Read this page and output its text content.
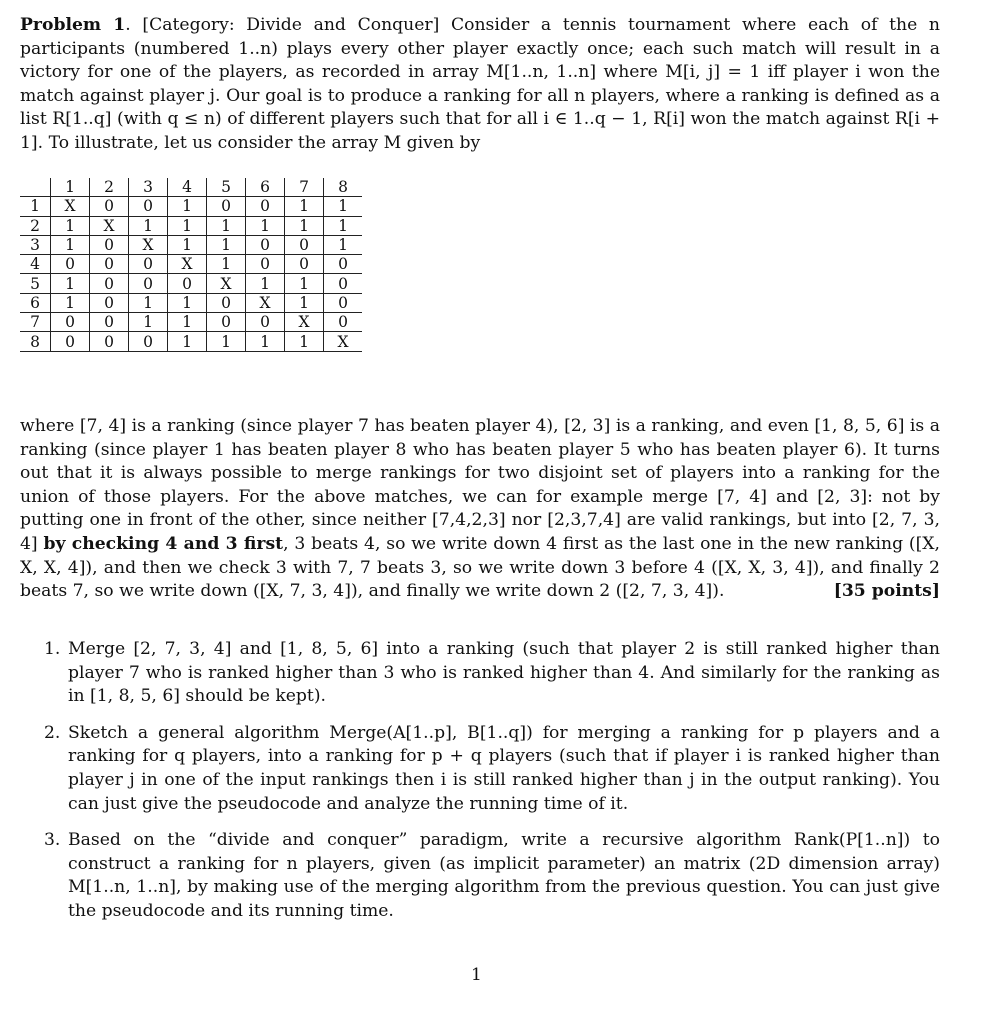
Problem 1. [Category: Divide and Conquer] Consider a tennis tournament where each of the n participants (numbered 1..n) plays every other player exactly once; each such match will result in a victory for one of the players, as recorded in array M[1..n, 1..n] where M[i, j] = 1 iff player i won the match against player j. Our goal is to produce a ranking for all n players, where a ranking is defined as a list R[1..q] (with q ≤ n) of different players such that for all i ∈ 1..q − 1, R[i] won the match against R[i + 1]. To illustrate, let us consider the array M given by

	1	2	3	4	5	6	7	8
1	X	0	0	1	0	0	1	1
2	1	X	1	1	1	1	1	1
3	1	0	X	1	1	0	0	1
4	0	0	0	X	1	0	0	0
5	1	0	0	0	X	1	1	0
6	1	0	1	1	0	X	1	0
7	0	0	1	1	0	0	X	0
8	0	0	0	1	1	1	1	X

where [7, 4] is a ranking (since player 7 has beaten player 4), [2, 3] is a ranking, and even [1, 8, 5, 6] is a ranking (since player 1 has beaten player 8 who has beaten player 5 who has beaten player 6). It turns out that it is always possible to merge rankings for two disjoint set of players into a ranking for the union of those players. For the above matches, we can for example merge [7, 4] and [2, 3]: not by putting one in front of the other, since neither [7,4,2,3] nor [2,3,7,4] are valid rankings, but into [2, 7, 3, 4] by checking 4 and 3 first, 3 beats 4, so we write down 4 first as the last one in the new ranking ([X, X, X, 4]), and then we check 3 with 7, 7 beats 3, so we write down 3 before 4 ([X, X, 3, 4]), and finally 2 beats 7, so we write down ([X, 7, 3, 4]), and finally we write down 2 ([2, 7, 3, 4]).	[35 points]

1. Merge [2, 7, 3, 4] and [1, 8, 5, 6] into a ranking (such that player 2 is still ranked higher than player 7 who is ranked higher than 3 who is ranked higher than 4. And similarly for the ranking as in [1, 8, 5, 6] should be kept).

2. Sketch a general algorithm Merge(A[1..p], B[1..q]) for merging a ranking for p players and a ranking for q players, into a ranking for p + q players (such that if player i is ranked higher than player j in one of the input rankings then i is still ranked higher than j in the output ranking). You can just give the pseudocode and analyze the running time of it.

3. Based on the “divide and conquer” paradigm, write a recursive algorithm Rank(P[1..n]) to construct a ranking for n players, given (as implicit parameter) an matrix (2D dimension array) M[1..n, 1..n], by making use of the merging algorithm from the previous question. You can just give the pseudocode and its running time.

1
